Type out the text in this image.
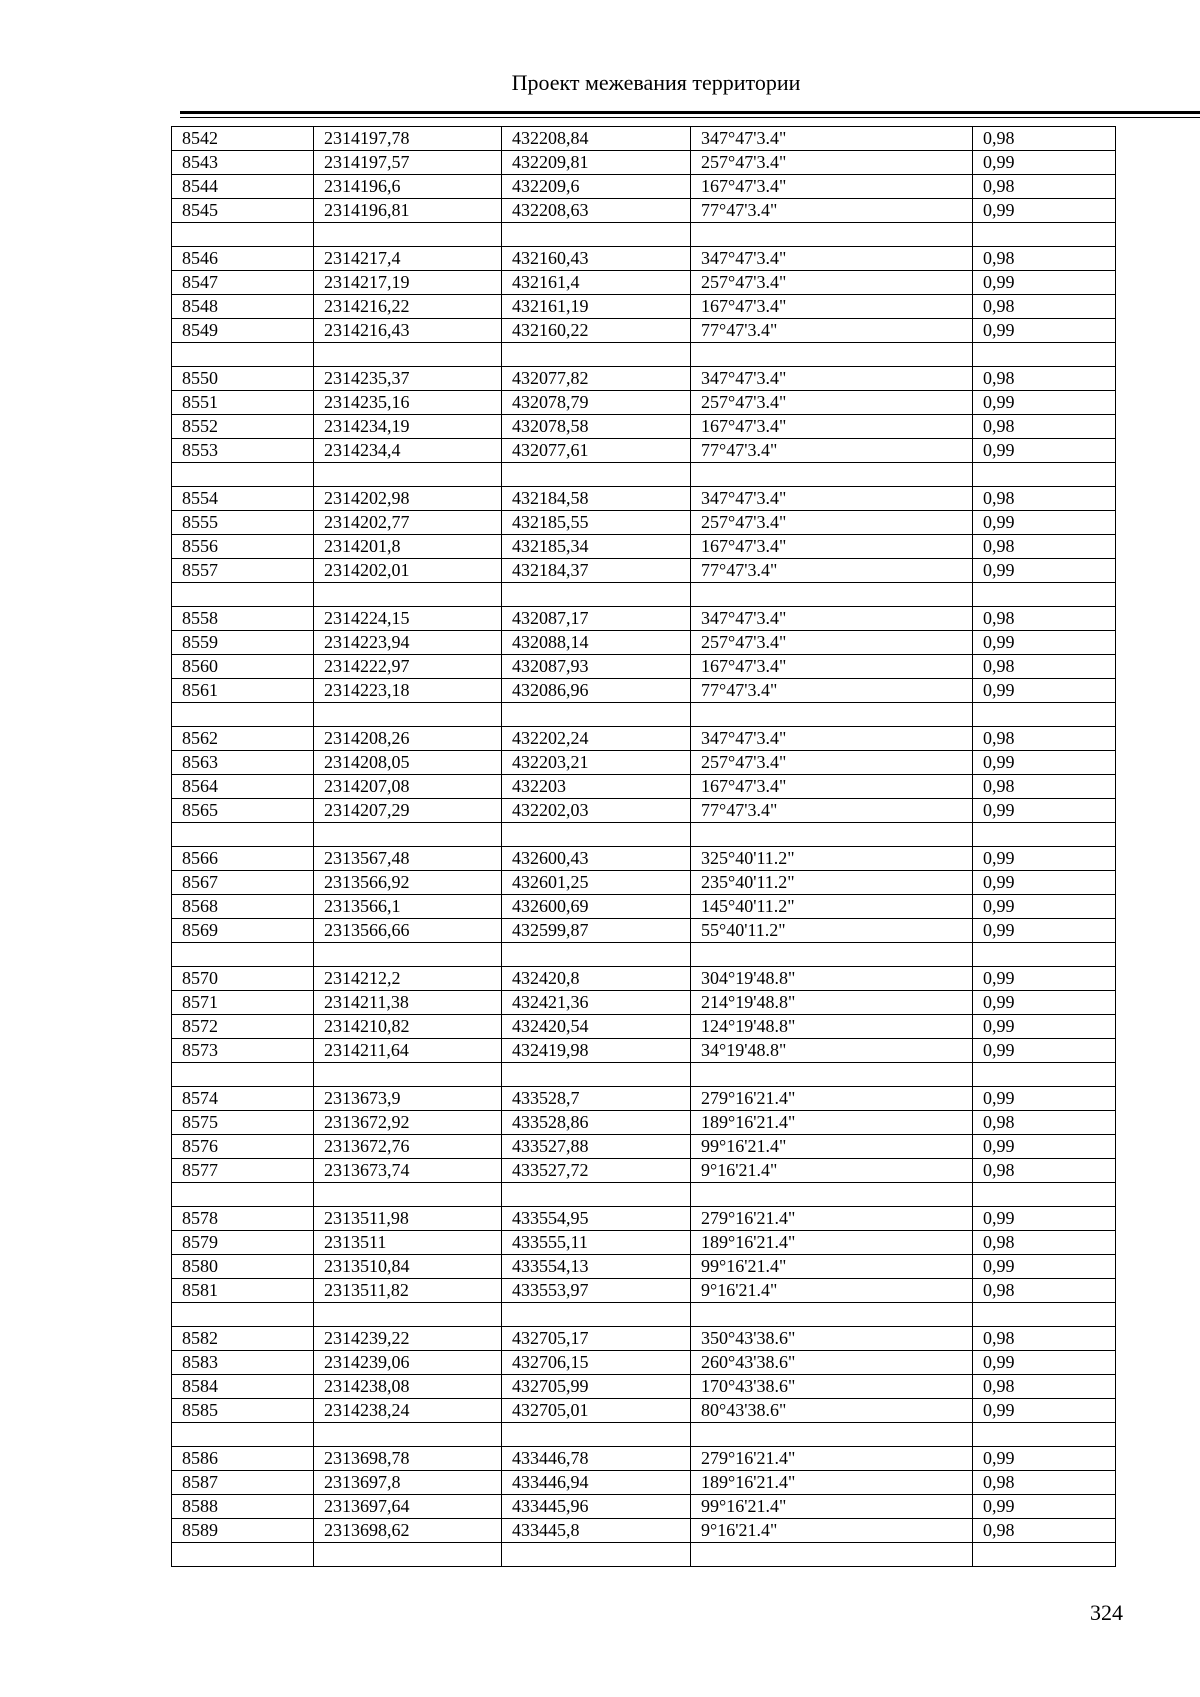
Проект межевания территории
8542	2314197,78	432208,84	347°47'3.4"	0,98
8543	2314197,57	432209,81	257°47'3.4"	0,99
8544	2314196,6	432209,6	167°47'3.4"	0,98
8545	2314196,81	432208,63	77°47'3.4"	0,99

8546	2314217,4	432160,43	347°47'3.4"	0,98
8547	2314217,19	432161,4	257°47'3.4"	0,99
8548	2314216,22	432161,19	167°47'3.4"	0,98
8549	2314216,43	432160,22	77°47'3.4"	0,99

8550	2314235,37	432077,82	347°47'3.4"	0,98
8551	2314235,16	432078,79	257°47'3.4"	0,99
8552	2314234,19	432078,58	167°47'3.4"	0,98
8553	2314234,4	432077,61	77°47'3.4"	0,99

8554	2314202,98	432184,58	347°47'3.4"	0,98
8555	2314202,77	432185,55	257°47'3.4"	0,99
8556	2314201,8	432185,34	167°47'3.4"	0,98
8557	2314202,01	432184,37	77°47'3.4"	0,99

8558	2314224,15	432087,17	347°47'3.4"	0,98
8559	2314223,94	432088,14	257°47'3.4"	0,99
8560	2314222,97	432087,93	167°47'3.4"	0,98
8561	2314223,18	432086,96	77°47'3.4"	0,99

8562	2314208,26	432202,24	347°47'3.4"	0,98
8563	2314208,05	432203,21	257°47'3.4"	0,99
8564	2314207,08	432203	167°47'3.4"	0,98
8565	2314207,29	432202,03	77°47'3.4"	0,99

8566	2313567,48	432600,43	325°40'11.2"	0,99
8567	2313566,92	432601,25	235°40'11.2"	0,99
8568	2313566,1	432600,69	145°40'11.2"	0,99
8569	2313566,66	432599,87	55°40'11.2"	0,99

8570	2314212,2	432420,8	304°19'48.8"	0,99
8571	2314211,38	432421,36	214°19'48.8"	0,99
8572	2314210,82	432420,54	124°19'48.8"	0,99
8573	2314211,64	432419,98	34°19'48.8"	0,99

8574	2313673,9	433528,7	279°16'21.4"	0,99
8575	2313672,92	433528,86	189°16'21.4"	0,98
8576	2313672,76	433527,88	99°16'21.4"	0,99
8577	2313673,74	433527,72	9°16'21.4"	0,98

8578	2313511,98	433554,95	279°16'21.4"	0,99
8579	2313511	433555,11	189°16'21.4"	0,98
8580	2313510,84	433554,13	99°16'21.4"	0,99
8581	2313511,82	433553,97	9°16'21.4"	0,98

8582	2314239,22	432705,17	350°43'38.6"	0,98
8583	2314239,06	432706,15	260°43'38.6"	0,99
8584	2314238,08	432705,99	170°43'38.6"	0,98
8585	2314238,24	432705,01	80°43'38.6"	0,99

8586	2313698,78	433446,78	279°16'21.4"	0,99
8587	2313697,8	433446,94	189°16'21.4"	0,98
8588	2313697,64	433445,96	99°16'21.4"	0,99
8589	2313698,62	433445,8	9°16'21.4"	0,98

324
